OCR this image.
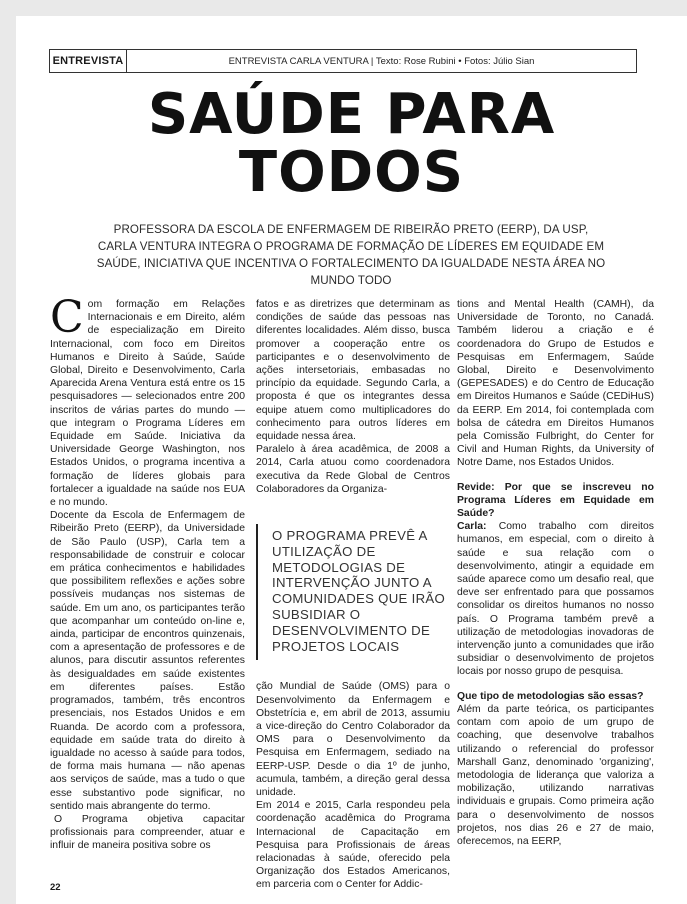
ENTREVISTA	ENTREVISTA CARLA VENTURA | Texto: Rose Rubini • Fotos: Júlio Sian
SAÚDE PARA
TODOS
PROFESSORA DA ESCOLA DE ENFERMAGEM DE RIBEIRÃO PRETO (EERP), DA USP, CARLA VENTURA INTEGRA O PROGRAMA DE FORMAÇÃO DE LÍDERES EM EQUIDADE EM SAÚDE, INICIATIVA QUE INCENTIVA O FORTALECIMENTO DA IGUALDADE NESTA ÁREA NO MUNDO TODO

Com formação em Relações Internacionais e em Direito, além de especialização em Direito Internacional, com foco em Direitos Humanos e Direito à Saúde, Saúde Global, Direito e Desenvolvimento, Carla Aparecida Arena Ventura está entre os 15 pesquisadores — selecionados entre 200 inscritos de várias partes do mundo — que integram o Programa Líderes em Equidade em Saúde. Iniciativa da Universidade George Washington, nos Estados Unidos, o programa incentiva a formação de líderes globais para fortalecer a igualdade na saúde nos EUA e no mundo.

Docente da Escola de Enfermagem de Ribeirão Preto (EERP), da Universidade de São Paulo (USP), Carla tem a responsabilidade de construir e colocar em prática conhecimentos e habilidades que possibilitem reflexões e ações sobre possíveis mudanças nos sistemas de saúde. Em um ano, os participantes terão que acompanhar um conteúdo on-line e, ainda, participar de encontros quinzenais, com a apresentação de professores e de alunos, para discutir assuntos referentes às desigualdades em saúde existentes em diferentes países. Estão programados, também, três encontros presenciais, nos Estados Unidos e em Ruanda. De acordo com a professora, equidade em saúde trata do direito à igualdade no acesso à saúde para todos, de forma mais humana — não apenas aos serviços de saúde, mas a tudo o que esse substantivo pode significar, no sentido mais abrangente do termo.

O Programa objetiva capacitar profissionais para compreender, atuar e influir de maneira positiva sobre os

fatos e as diretrizes que determinam as condições de saúde das pessoas nas diferentes localidades. Além disso, busca promover a cooperação entre os participantes e o desenvolvimento de ações intersetoriais, embasadas no princípio da equidade. Segundo Carla, a proposta é que os integrantes dessa equipe atuem como multiplicadores do conhecimento para outros líderes em equidade nessa área.

Paralelo à área acadêmica, de 2008 a 2014, Carla atuou como coordenadora executiva da Rede Global de Centros Colaboradores da Organiza-

O PROGRAMA PREVÊ A UTILIZAÇÃO DE METODOLOGIAS DE INTERVENÇÃO JUNTO A COMUNIDADES QUE IRÃO SUBSIDIAR O DESENVOLVIMENTO DE PROJETOS LOCAIS

ção Mundial de Saúde (OMS) para o Desenvolvimento da Enfermagem e Obstetrícia e, em abril de 2013, assumiu a vice-direção do Centro Colaborador da OMS para o Desenvolvimento da Pesquisa em Enfermagem, sediado na EERP-USP. Desde o dia 1º de junho, acumula, também, a direção geral dessa unidade.

Em 2014 e 2015, Carla respondeu pela coordenação acadêmica do Programa Internacional de Capacitação em Pesquisa para Profissionais de áreas relacionadas à saúde, oferecido pela Organização dos Estados Americanos, em parceria com o Center for Addic-

tions and Mental Health (CAMH), da Universidade de Toronto, no Canadá. Também liderou a criação e é coordenadora do Grupo de Estudos e Pesquisas em Enfermagem, Saúde Global, Direito e Desenvolvimento (GEPESADES) e do Centro de Educação em Direitos Humanos e Saúde (CEDiHuS) da EERP. Em 2014, foi contemplada com bolsa de cátedra em Direitos Humanos pela Comissão Fulbright, do Center for Civil and Human Rights, da University of Notre Dame, nos Estados Unidos.

Revide: Por que se inscreveu no Programa Líderes em Equidade em Saúde?

Carla: Como trabalho com direitos humanos, em especial, com o direito à saúde e sua relação com o desenvolvimento, atingir a equidade em saúde aparece como um desafio real, que deve ser enfrentado para que possamos consolidar os direitos humanos no nosso país. O Programa também prevê a utilização de metodologias inovadoras de intervenção junto a comunidades que irão subsidiar o desenvolvimento de projetos locais por nosso grupo de pesquisa.

Que tipo de metodologias são essas?

Além da parte teórica, os participantes contam com apoio de um grupo de coaching, que desenvolve trabalhos utilizando o referencial do professor Marshall Ganz, denominado 'organizing', metodologia de liderança que valoriza a mobilização, utilizando narrativas individuais e grupais. Como primeira ação para o desenvolvimento de nossos projetos, nos dias 26 e 27 de maio, oferecemos, na EERP,

22
